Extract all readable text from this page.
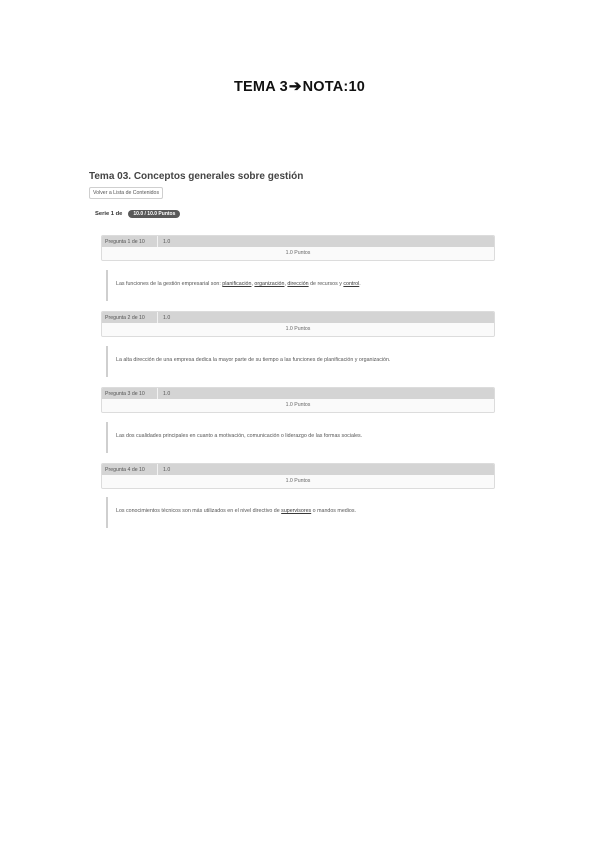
TEMA 3➔NOTA:10
Tema 03. Conceptos generales sobre gestión
Volver a Lista de Contenidos
Serie 1 de	10.0 / 10.0 Puntos
Pregunta 1 de 10	1.0
1.0 Puntos
Las funciones de la gestión empresarial son: planificación, organización, dirección de recursos y control.
Pregunta 2 de 10	1.0
1.0 Puntos
La alta dirección de una empresa dedica la mayor parte de su tiempo a las funciones de planificación y organización.
Pregunta 3 de 10	1.0
1.0 Puntos
Las dos cualidades principales en cuanto a motivación, comunicación o liderazgo de las formas sociales.
Pregunta 4 de 10	1.0
1.0 Puntos
Los conocimientos técnicos son más utilizados en el nivel directivo de supervisores o mandos medios.
